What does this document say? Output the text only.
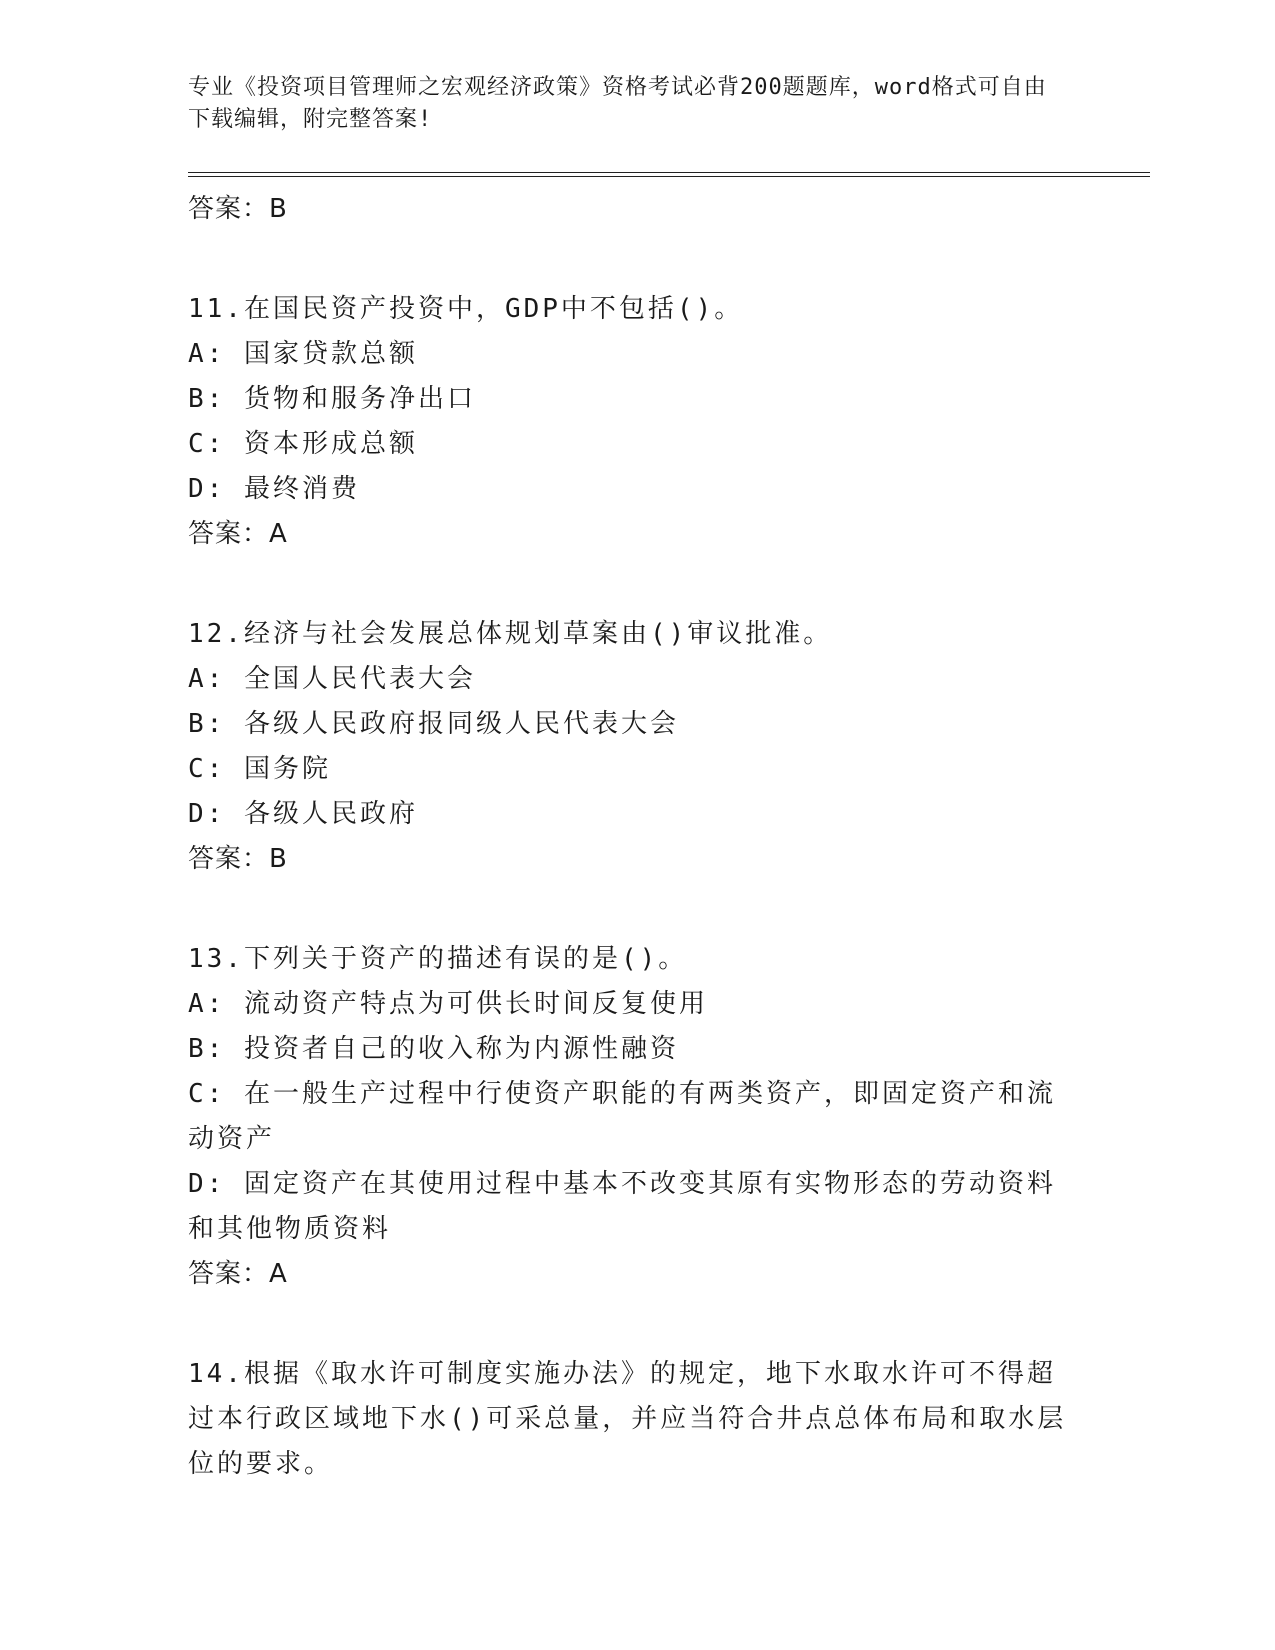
专业《投资项目管理师之宏观经济政策》资格考试必背200题题库，word格式可自由下载编辑，附完整答案!

答案：B

11.在国民资产投资中，GDP中不包括()。

A: 国家贷款总额

B: 货物和服务净出口

C: 资本形成总额

D: 最终消费

答案：A

12.经济与社会发展总体规划草案由()审议批准。

A: 全国人民代表大会

B: 各级人民政府报同级人民代表大会

C: 国务院

D: 各级人民政府

答案：B

13.下列关于资产的描述有误的是()。

A: 流动资产特点为可供长时间反复使用

B: 投资者自己的收入称为内源性融资

C: 在一般生产过程中行使资产职能的有两类资产，即固定资产和流动资产

D: 固定资产在其使用过程中基本不改变其原有实物形态的劳动资料和其他物质资料

答案：A

14.根据《取水许可制度实施办法》的规定，地下水取水许可不得超过本行政区域地下水()可采总量，并应当符合井点总体布局和取水层位的要求。
